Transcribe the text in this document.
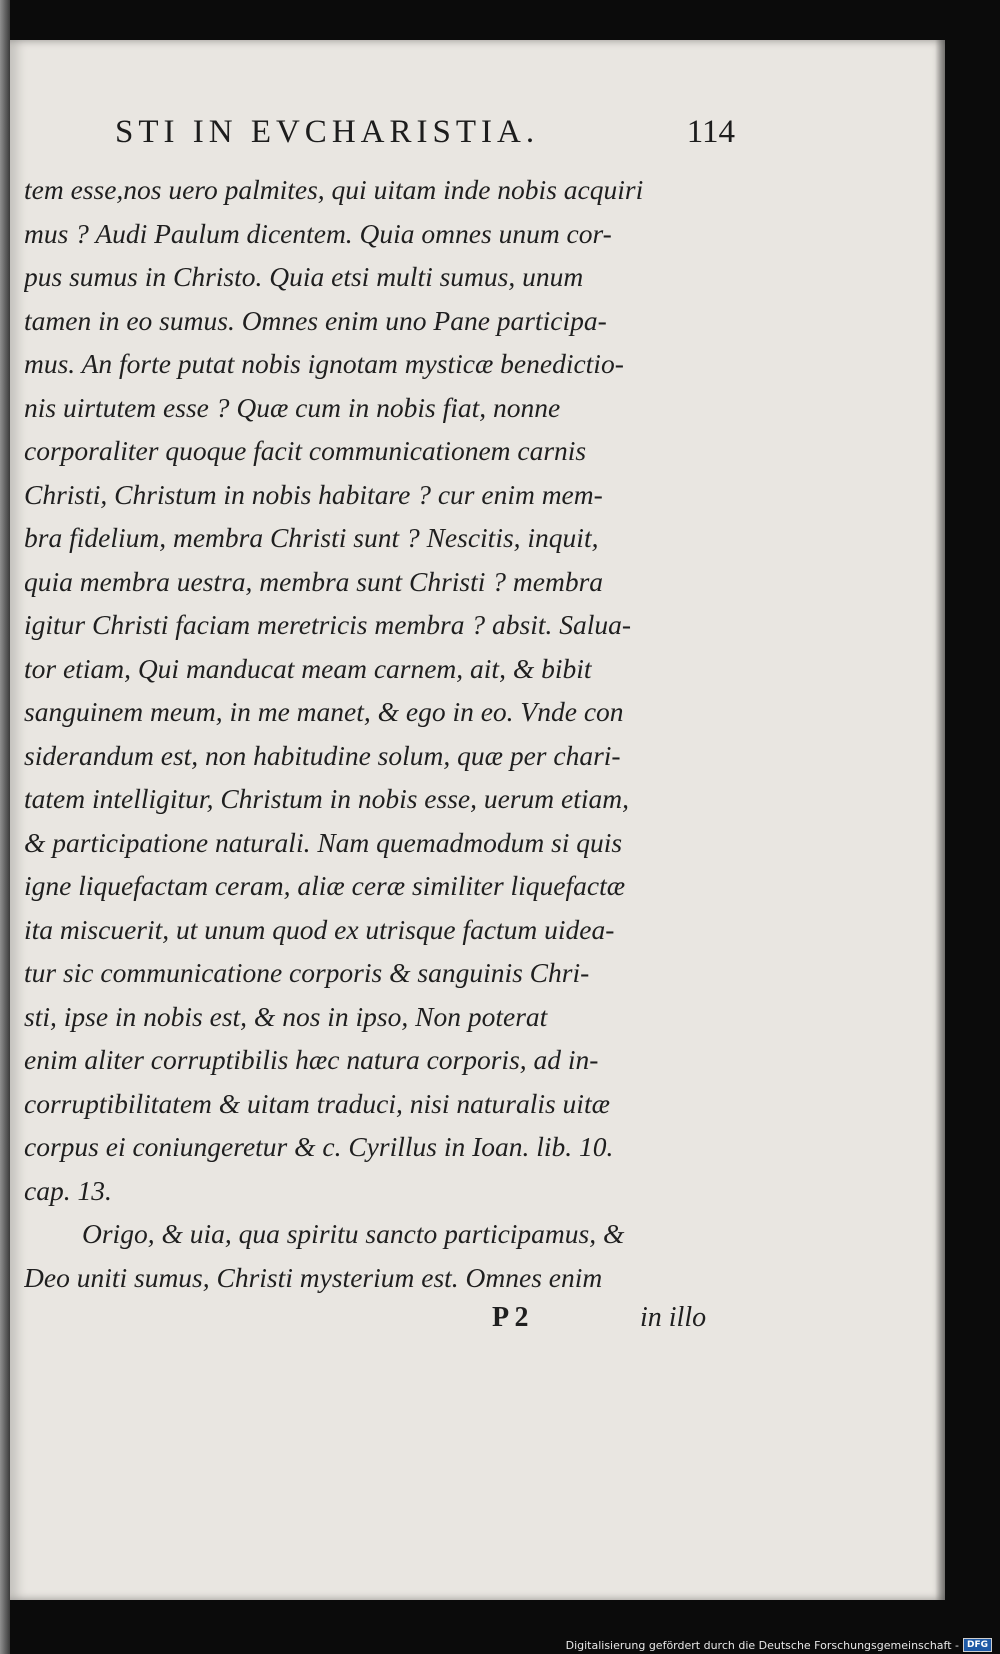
STI IN EVCHARISTIA.	114
tem esse,nos uero palmites, qui uitam inde nobis acquiri
mus ? Audi Paulum dicentem. Quia omnes unum cor-
pus sumus in Christo. Quia etsi multi sumus, unum
tamen in eo sumus. Omnes enim uno Pane participa-
mus. An forte putat nobis ignotam mysticæ benedictio-
nis uirtutem esse ? Quæ cum in nobis fiat, nonne
corporaliter quoque facit communicationem carnis
Christi, Christum in nobis habitare ? cur enim mem-
bra fidelium, membra Christi sunt ? Nescitis, inquit,
quia membra uestra, membra sunt Christi ? membra
igitur Christi faciam meretricis membra ? absit. Salua-
tor etiam, Qui manducat meam carnem, ait, & bibit
sanguinem meum, in me manet, & ego in eo. Vnde con
siderandum est, non habitudine solum, quæ per chari-
tatem intelligitur, Christum in nobis esse, uerum etiam,
& participatione naturali. Nam quemadmodum si quis
igne liquefactam ceram, aliæ ceræ similiter liquefactæ
ita miscuerit, ut unum quod ex utrisque factum uidea-
tur sic communicatione corporis & sanguinis Chri-
sti, ipse in nobis est, & nos in ipso, Non poterat
enim aliter corruptibilis hæc natura corporis, ad in-
corruptibilitatem & uitam traduci, nisi naturalis uitæ
corpus ei coniungeretur & c. Cyrillus in Ioan. lib. 10.
cap. 13.
Origo, & uia, qua spiritu sancto participamus, &
Deo uniti sumus, Christi mysterium est. Omnes enim
P 2	in illo
Digitalisierung gefördert durch die Deutsche Forschungsgemeinschaft - DFG
